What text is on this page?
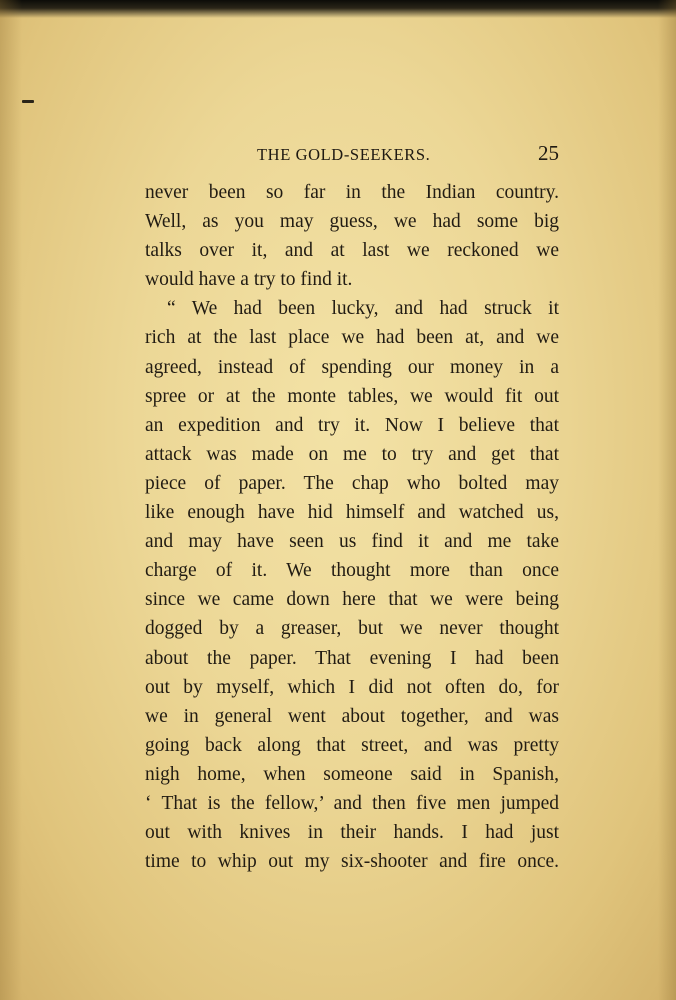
THE GOLD-SEEKERS.	25
never been so far in the Indian country.
Well, as you may guess, we had some big
talks over it, and at last we reckoned we
would have a try to find it.
“ We had been lucky, and had struck it
rich at the last place we had been at, and we
agreed, instead of spending our money in a
spree or at the monte tables, we would fit out
an expedition and try it. Now I believe that
attack was made on me to try and get that
piece of paper. The chap who bolted may
like enough have hid himself and watched us,
and may have seen us find it and me take
charge of it. We thought more than once
since we came down here that we were being
dogged by a greaser, but we never thought
about the paper. That evening I had been
out by myself, which I did not often do, for
we in general went about together, and was
going back along that street, and was pretty
nigh home, when someone said in Spanish,
‘ That is the fellow,’ and then five men jumped
out with knives in their hands. I had just
time to whip out my six-shooter and fire once.
